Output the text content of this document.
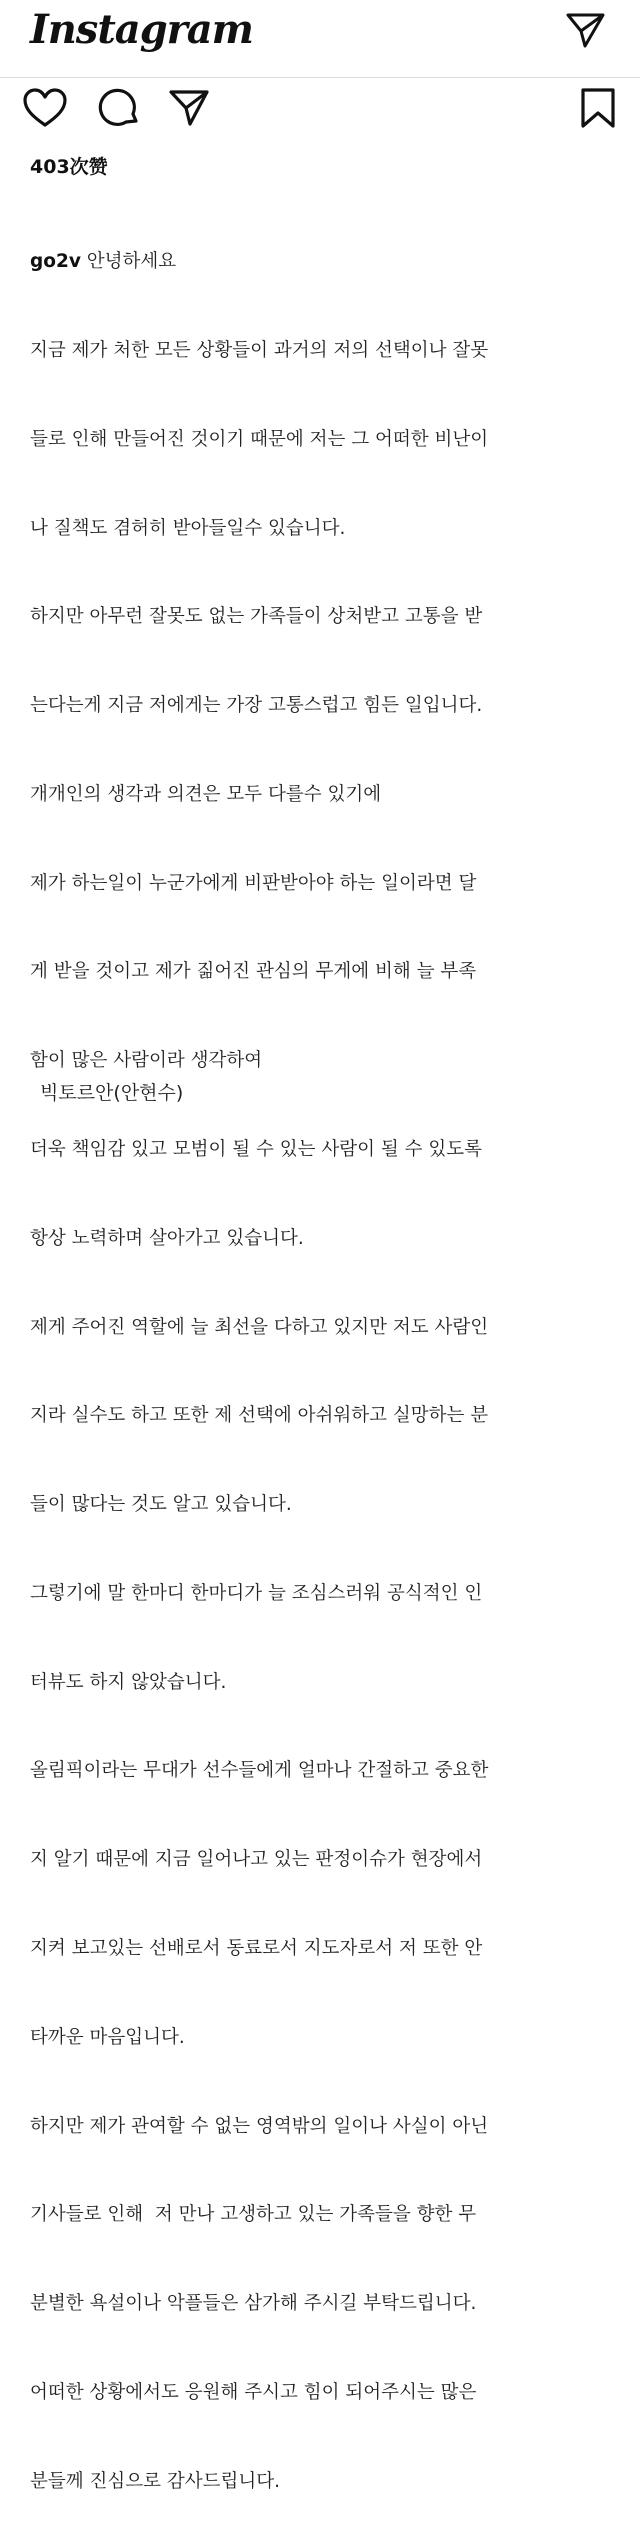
Instagram
403次赞

go2v 안녕하세요

지금 제가 처한 모든 상황들이 과거의 저의 선택이나 잘못

들로 인해 만들어진 것이기 때문에 저는 그 어떠한 비난이

나 질책도 겸허히 받아들일수 있습니다.

하지만 아무런 잘못도 없는 가족들이 상처받고 고통을 받

는다는게 지금 저에게는 가장 고통스럽고 힘든 일입니다.

개개인의 생각과 의견은 모두 다를수 있기에

제가 하는일이 누군가에게 비판받아야 하는 일이라면 달

게 받을 것이고 제가 짊어진 관심의 무게에 비해 늘 부족

함이 많은 사람이라 생각하여

더욱 책임감 있고 모범이 될 수 있는 사람이 될 수 있도록

항상 노력하며 살아가고 있습니다.

제게 주어진 역할에 늘 최선을 다하고 있지만 저도 사람인

지라 실수도 하고 또한 제 선택에 아쉬워하고 실망하는 분

들이 많다는 것도 알고 있습니다.

그렇기에 말 한마디 한마디가 늘 조심스러워 공식적인 인

터뷰도 하지 않았습니다.

올림픽이라는 무대가 선수들에게 얼마나 간절하고 중요한

지 알기 때문에 지금 일어나고 있는 판정이슈가 현장에서

지켜 보고있는 선배로서 동료로서 지도자로서 저 또한 안

타까운 마음입니다.

하지만 제가 관여할 수 없는 영역밖의 일이나 사실이 아닌

기사들로 인해  저 만나 고생하고 있는 가족들을 향한 무

분별한 욕설이나 악플들은 삼가해 주시길 부탁드립니다.

어떠한 상황에서도 응원해 주시고 힘이 되어주시는 많은

분들께 진심으로 감사드립니다.

빅토르안(안현수)
